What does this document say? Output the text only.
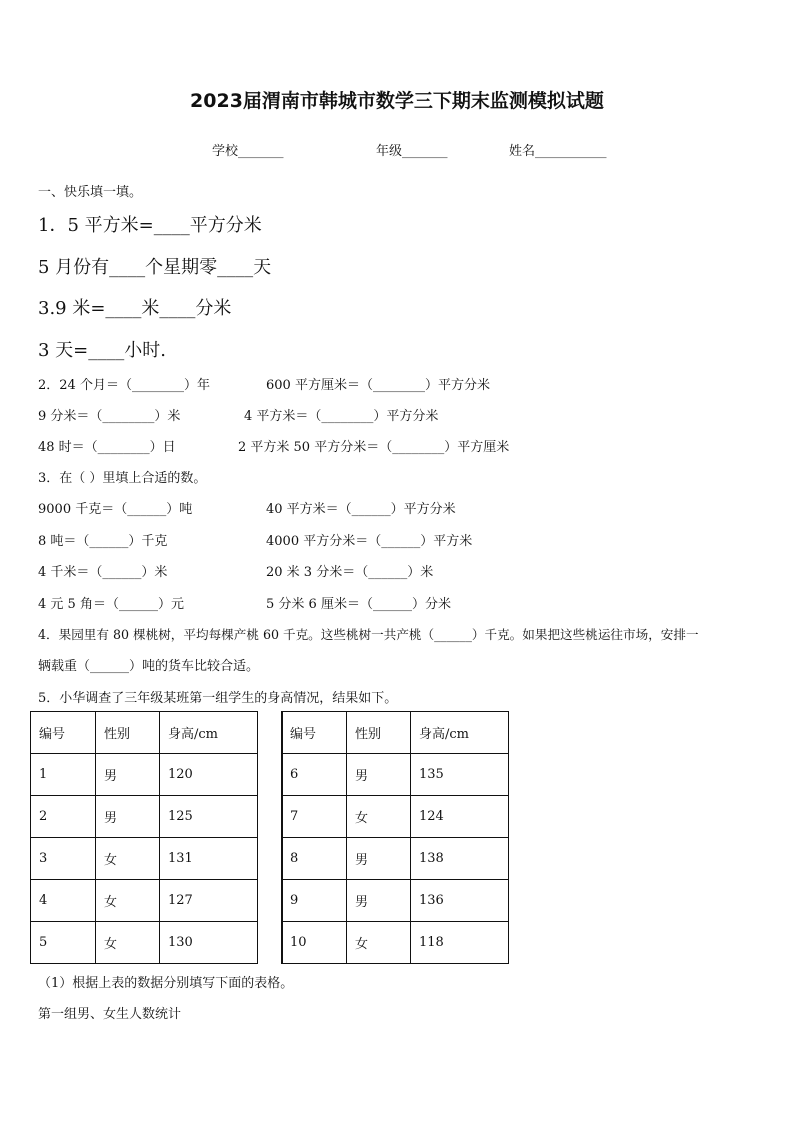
2023届渭南市韩城市数学三下期末监测模拟试题
学校_______	年级_______	姓名___________
一、快乐填一填。
1．5 平方米=____平方分米
5 月份有____个星期零____天
3.9 米=____米____分米
3 天=____小时.
2．24 个月＝（________）年	600 平方厘米＝（________）平方分米
9 分米＝（________）米	4 平方米＝（________）平方分米
48 时＝（________）日	2 平方米 50 平方分米＝（________）平方厘米
3．在（ ）里填上合适的数。
9000 千克＝（______）吨	40 平方米＝（______）平方分米
8 吨＝（______）千克	4000 平方分米＝（______）平方米
4 千米＝（______）米	20 米 3 分米＝（______）米
4 元 5 角＝（______）元	5 分米 6 厘米＝（______）分米
4．果园里有 80 棵桃树，平均每棵产桃 60 千克。这些桃树一共产桃（______）千克。如果把这些桃运往市场，安排一
辆载重（______）吨的货车比较合适。
5．小华调查了三年级某班第一组学生的身高情况，结果如下。
编号	性别	身高/cm
1	男	120
2	男	125
3	女	131
4	女	127
5	女	130
编号	性别	身高/cm
6	男	135
7	女	124
8	男	138
9	男	136
10	女	118
（1）根据上表的数据分别填写下面的表格。
第一组男、女生人数统计
